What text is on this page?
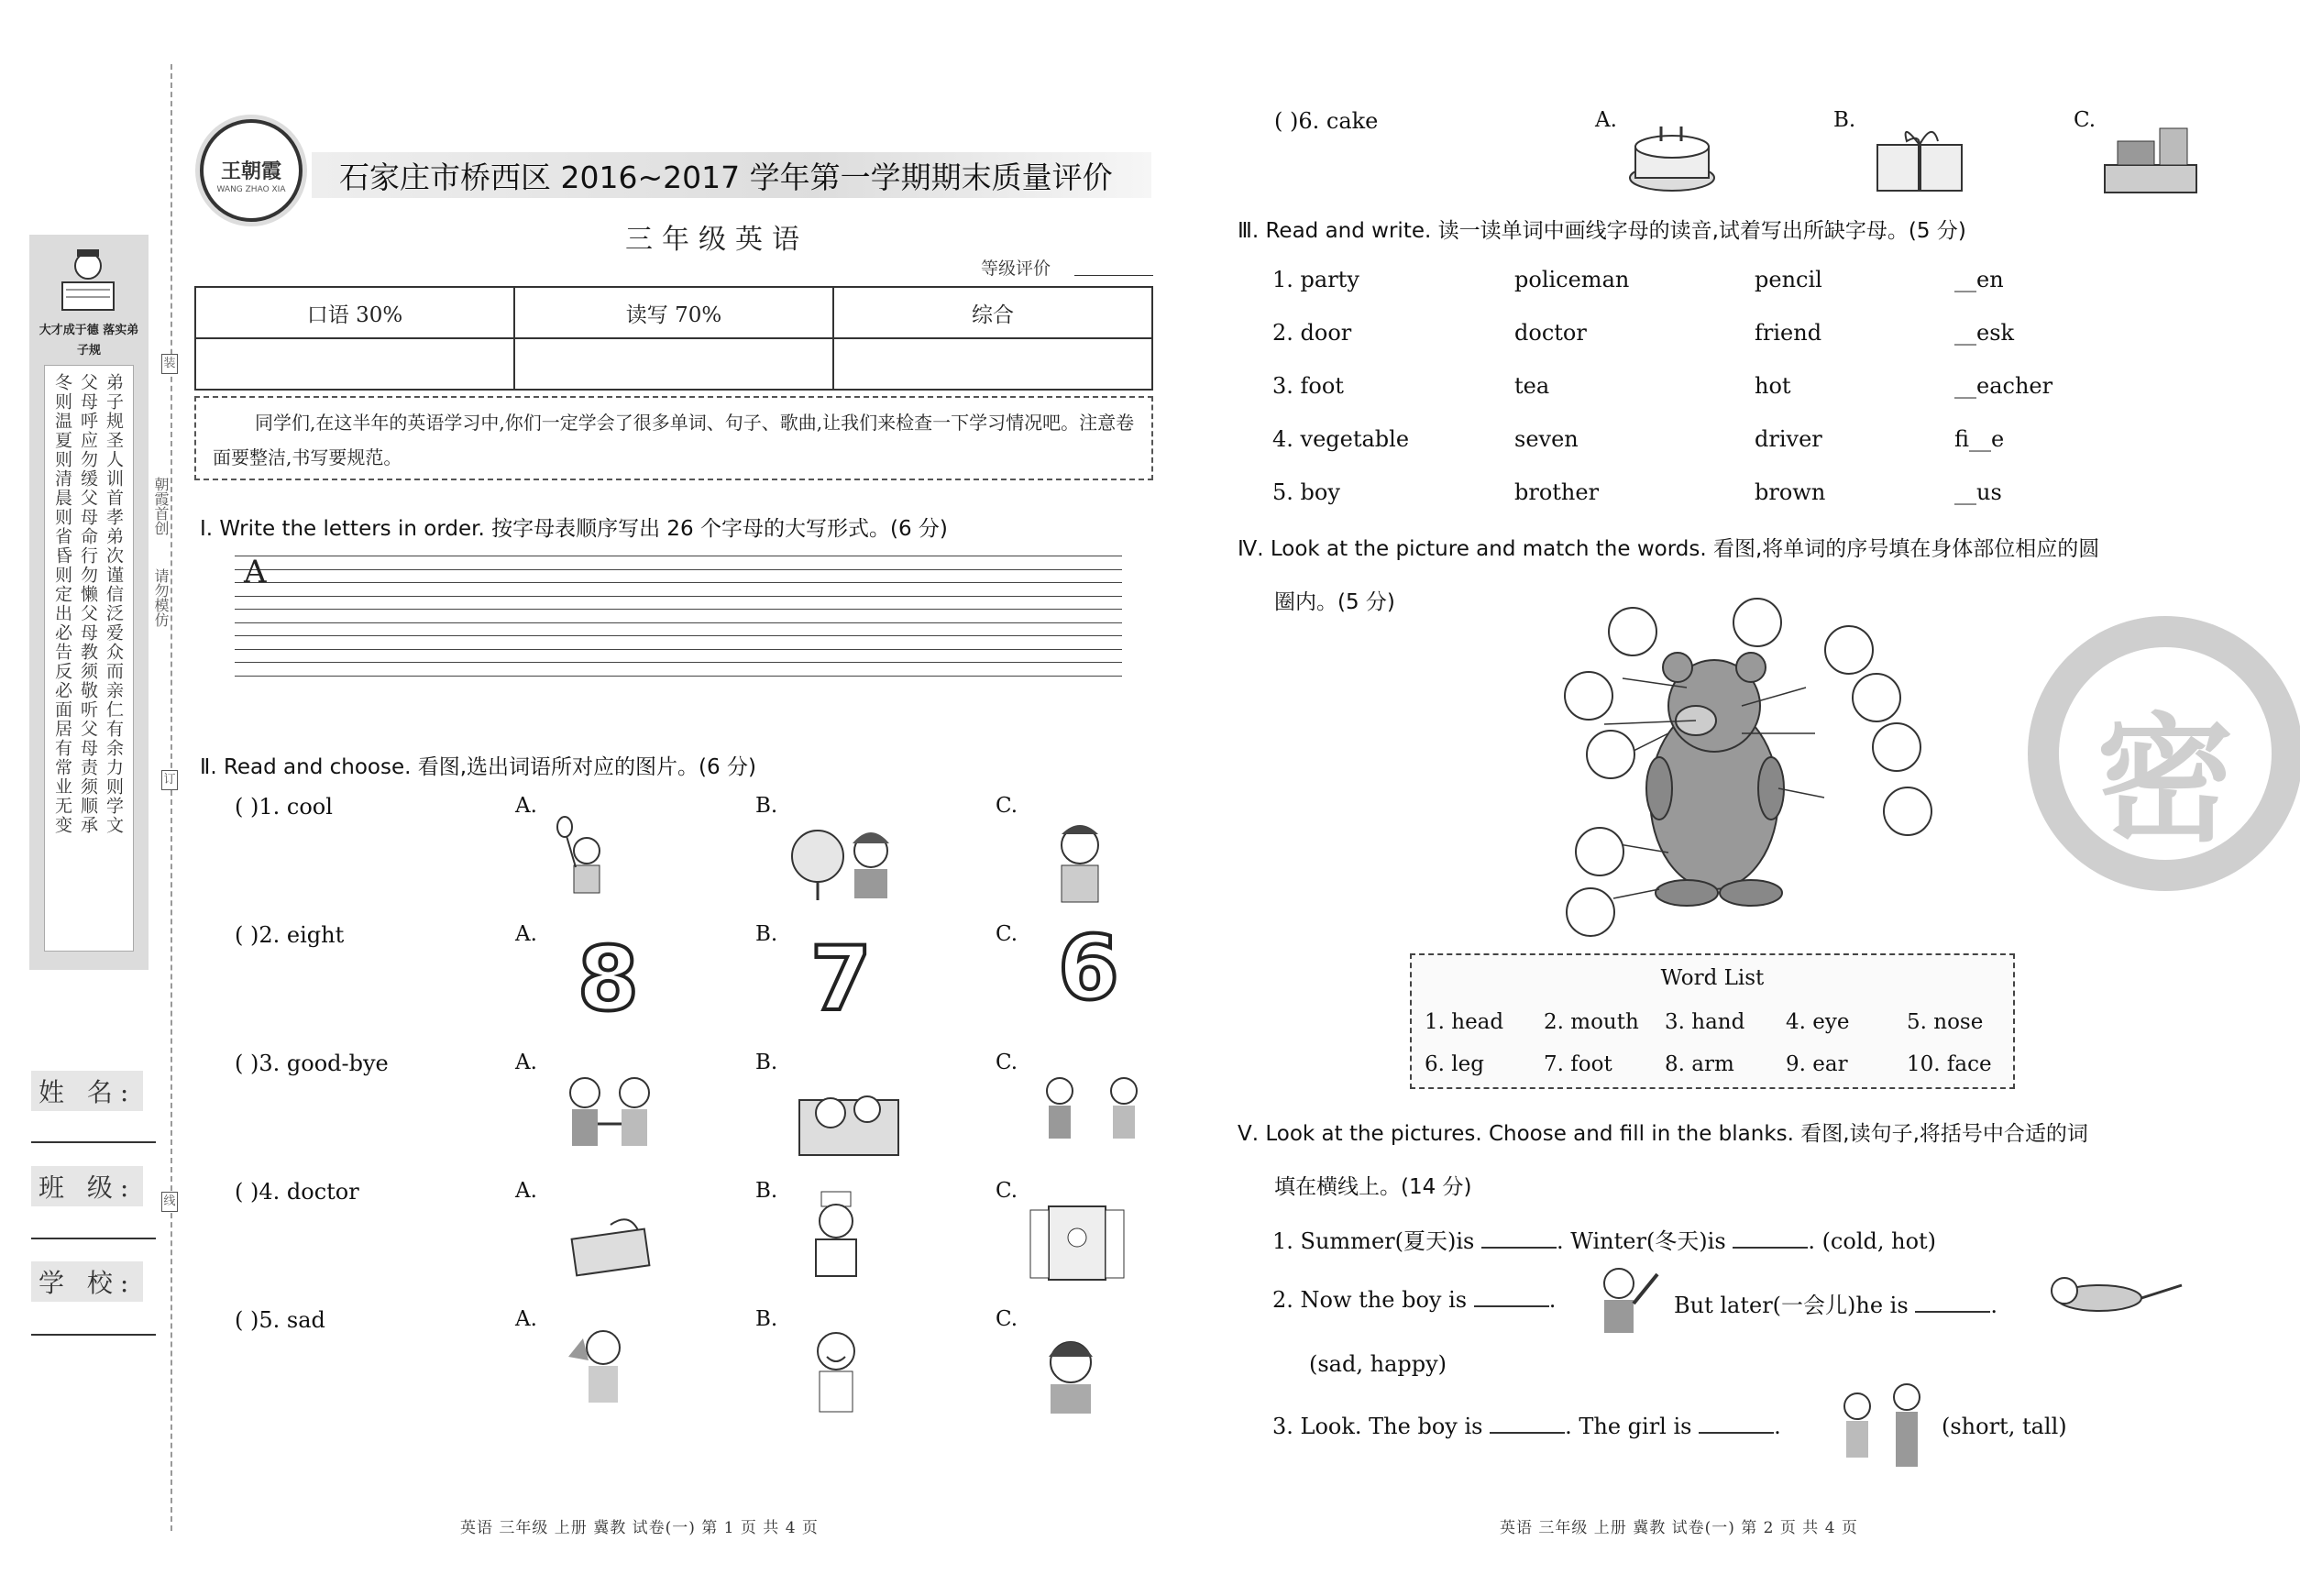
大才成于德 落实弟子规
弟子规圣人训首孝弟次谨信泛爱众而亲仁有余力则学文
父母呼应勿缓父母命行勿懒父母教须敬听父母责须顺承
冬则温夏则清晨则省昏则定出必告反必面居有常业无变
姓 名:
班 级:
学 校:
装
订
线
朝霞首创
请勿模仿
王朝霞
WANG ZHAO XIA	石家庄市桥西区 2016~2017 学年第一学期期末质量评价
三年级英语
等级评价
口语 30%	读写 70%	综合

同学们,在这半年的英语学习中,你们一定学会了很多单词、句子、歌曲,让我们来检查一下学习情况吧。注意卷面要整洁,书写要规范。
Ⅰ. Write the letters in order. 按字母表顺序写出 26 个字母的大写形式。(6 分)
A
Ⅱ. Read and choose. 看图,选出词语所对应的图片。(6 分)
( )1. cool	A.	B.	C.
( )2. eight	A.	B.	C.
8 7 6
( )3. good-bye	A.	B.	C.
( )4. doctor	A.	B.	C.
( )5. sad	A.	B.	C.
( )6. cake	A.	B.	C.
Ⅲ. Read and write. 读一读单词中画线字母的读音,试着写出所缺字母。(5 分)
1. party	policeman	pencil	__en
2. door	doctor	friend	__esk
3. foot	tea	hot	__eacher
4. vegetable	seven	driver	fi__e
5. boy	brother	brown	__us
Ⅳ. Look at the picture and match the words. 看图,将单词的序号填在身体部位相应的圆
圈内。(5 分)
Word List
1. head 2. mouth 3. hand 4. eye	5. nose
6. leg	7. foot 8. arm 9. ear	10. face
Ⅴ. Look at the pictures. Choose and fill in the blanks. 看图,读句子,将括号中合适的词
填在横线上。(14 分)
1. Summer(夏天)is	. Winter(冬天)is	. (cold, hot)
2. Now the boy is	.	But later(一会儿)he is	.
(sad, happy)
3. Look. The boy is	. The girl is	.	(short, tall)
密
英语 三年级 上册 冀教 试卷(一) 第 1 页 共 4 页	英语 三年级 上册 冀教 试卷(一) 第 2 页 共 4 页
